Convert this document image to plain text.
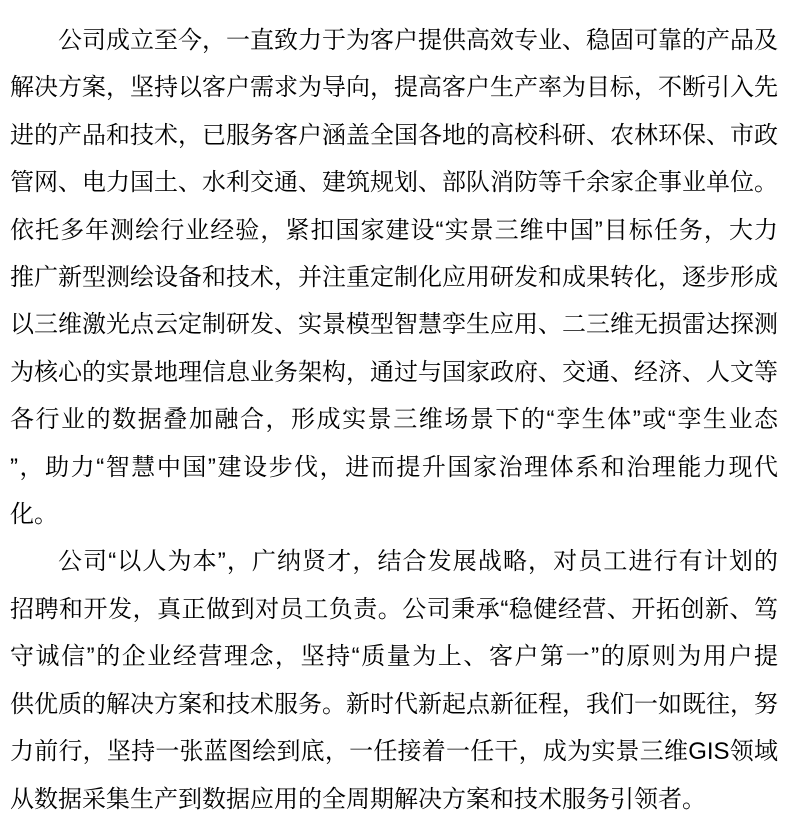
公司成立至今，一直致力于为客户提供高效专业、稳固可靠的产品及
解决方案，坚持以客户需求为导向，提高客户生产率为目标，不断引入先
进的产品和技术，已服务客户涵盖全国各地的高校科研、农林环保、市政
管网、电力国土、水利交通、建筑规划、部队消防等千余家企事业单位。
依托多年测绘行业经验，紧扣国家建设“实景三维中国”目标任务，大力
推广新型测绘设备和技术，并注重定制化应用研发和成果转化，逐步形成
以三维激光点云定制研发、实景模型智慧孪生应用、二三维无损雷达探测
为核心的实景地理信息业务架构，通过与国家政府、交通、经济、人文等
各行业的数据叠加融合，形成实景三维场景下的“孪生体”或“孪生业态
”，助力“智慧中国”建设步伐，进而提升国家治理体系和治理能力现代
化。
公司“以人为本”，广纳贤才，结合发展战略，对员工进行有计划的
招聘和开发，真正做到对员工负责。公司秉承“稳健经营、开拓创新、笃
守诚信”的企业经营理念，坚持“质量为上、客户第一”的原则为用户提
供优质的解决方案和技术服务。新时代新起点新征程，我们一如既往，努
力前行，坚持一张蓝图绘到底，一任接着一任干，成为实景三维GIS领域
从数据采集生产到数据应用的全周期解决方案和技术服务引领者。
